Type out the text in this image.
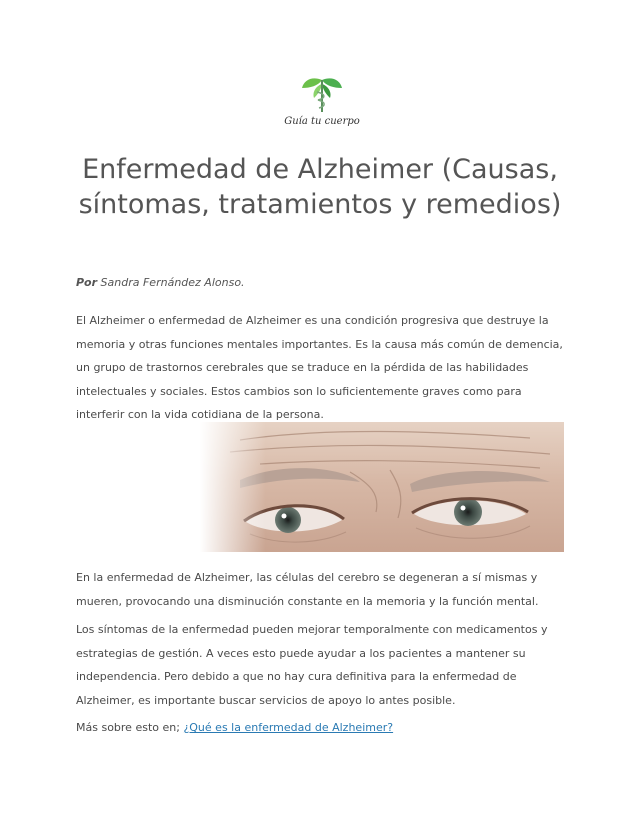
Guía tu cuerpo
Enfermedad de Alzheimer (Causas, síntomas, tratamientos y remedios)
Por Sandra Fernández Alonso.

El Alzheimer o enfermedad de Alzheimer es una condición progresiva que destruye la memoria y otras funciones mentales importantes. Es la causa más común de demencia, un grupo de trastornos cerebrales que se traduce en la pérdida de las habilidades intelectuales y sociales. Estos cambios son lo suficientemente graves como para interferir con la vida cotidiana de la persona.

En la enfermedad de Alzheimer, las células del cerebro se degeneran a sí mismas y mueren, provocando una disminución constante en la memoria y la función mental.

Los síntomas de la enfermedad pueden mejorar temporalmente con medicamentos y estrategias de gestión. A veces esto puede ayudar a los pacientes a mantener su independencia. Pero debido a que no hay cura definitiva para la enfermedad de Alzheimer, es importante buscar servicios de apoyo lo antes posible.

Más sobre esto en; ¿Qué es la enfermedad de Alzheimer?
